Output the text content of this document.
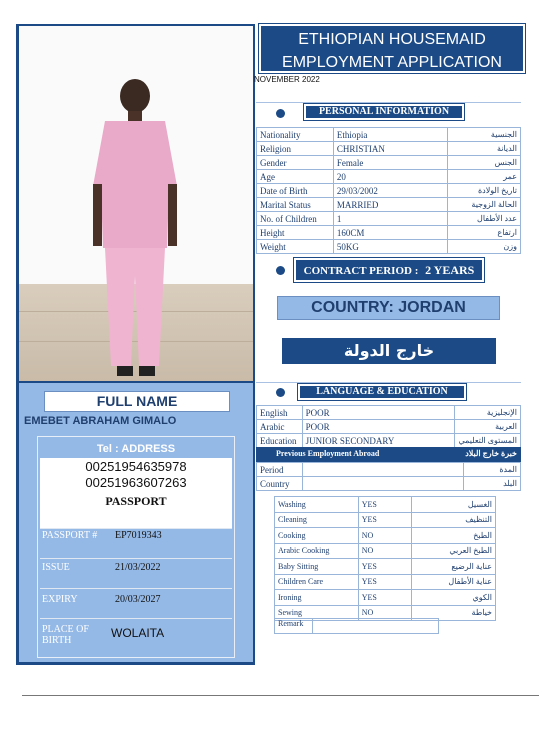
FULL NAME
EMEBET ABRAHAM GIMALO
Tel : ADDRESS
00251954635978
00251963607263
PASSPORT
PASSPORT # EP7019343
ISSUE	21/03/2022
EXPIRY	20/03/2027
PLACE OF BIRTH
WOLAITA
ETHIOPIAN HOUSEMAID
EMPLOYMENT APPLICATION
NOVEMBER 2022
PERSONAL INFORMATION
Nationality	Ethiopia	الجنسية
Religion	CHRISTIAN	الديانة
Gender	Female	الجنس
Age	20	عمر
Date of Birth	29/03/2002	تاريخ الولادة
Marital Status	MARRIED	الحالة الزوجية
No. of Children	1	عدد الأطفال
Height	160CM	ارتفاع
Weight	50KG	وزن
CONTRACT PERIOD : 2 YEARS
COUNTRY: JORDAN
خارج الدولة
LANGUAGE & EDUCATION
English	POOR	الإنجليزية
Arabic	POOR	العربية
Education	JUNIOR SECONDARY	المستوى التعليمي
Previous Employment Abroad	خبرة خارج البلاد
Period		المدة
Country		البلد
Washing	YES	الغسيل
Cleaning	YES	التنظيف
Cooking	NO	الطبخ
Arabic Cooking	NO	الطبخ العربي
Baby Sitting	YES	عناية الرضيع
Children Care	YES	عناية الأطفال
Ironing	YES	الكوي
Sewing	NO	خياطة
Remark
